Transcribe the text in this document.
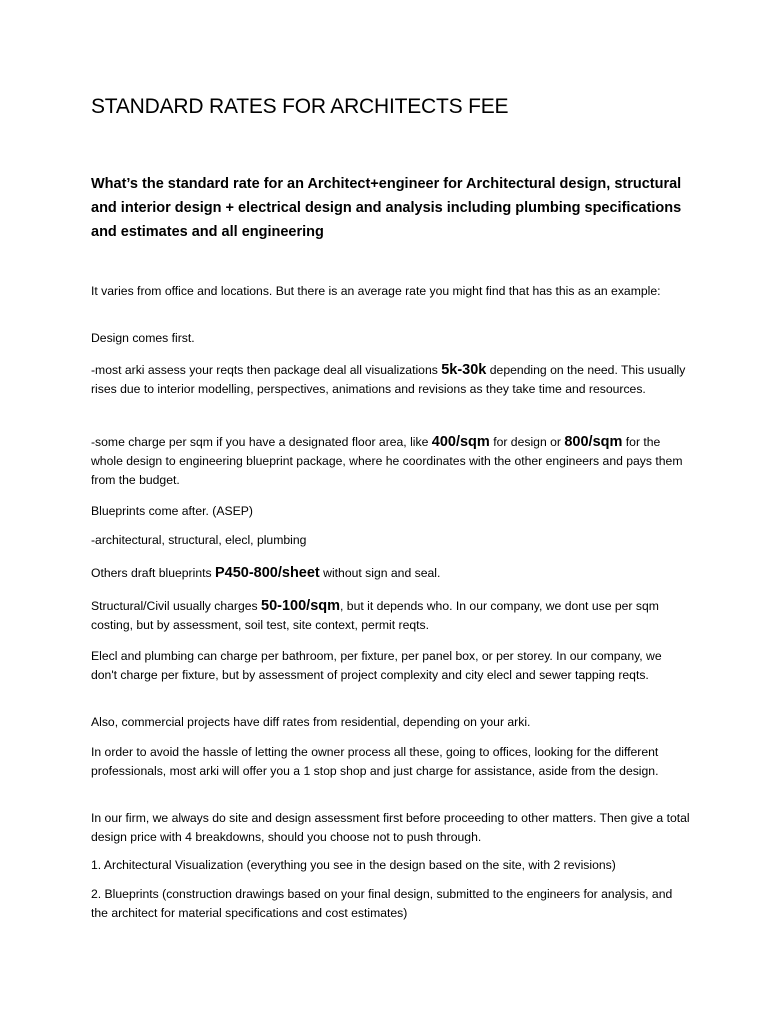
STANDARD RATES FOR ARCHITECTS FEE

What’s the standard rate for an Architect+engineer for Architectural design, structural and interior design + electrical design and analysis including plumbing specifications and estimates and all engineering

It varies from office and locations. But there is an average rate you might find that has this as an example:

Design comes first.

-most arki assess your reqts then package deal all visualizations 5k-30k depending on the need. This usually rises due to interior modelling, perspectives, animations and revisions as they take time and resources.

-some charge per sqm if you have a designated floor area, like 400/sqm for design or 800/sqm for the whole design to engineering blueprint package, where he coordinates with the other engineers and pays them from the budget.

Blueprints come after. (ASEP)

-architectural, structural, elecl, plumbing

Others draft blueprints P450-800/sheet without sign and seal.

Structural/Civil usually charges 50-100/sqm, but it depends who. In our company, we dont use per sqm costing, but by assessment, soil test, site context, permit reqts.

Elecl and plumbing can charge per bathroom, per fixture, per panel box, or per storey. In our company, we don't charge per fixture, but by assessment of project complexity and city elecl and sewer tapping reqts.

Also, commercial projects have diff rates from residential, depending on your arki.

In order to avoid the hassle of letting the owner process all these, going to offices, looking for the different professionals, most arki will offer you a 1 stop shop and just charge for assistance, aside from the design.

In our firm, we always do site and design assessment first before proceeding to other matters. Then give a total design price with 4 breakdowns, should you choose not to push through.

1. Architectural Visualization (everything you see in the design based on the site, with 2 revisions)

2. Blueprints (construction drawings based on your final design, submitted to the engineers for analysis, and the architect for material specifications and cost estimates)
